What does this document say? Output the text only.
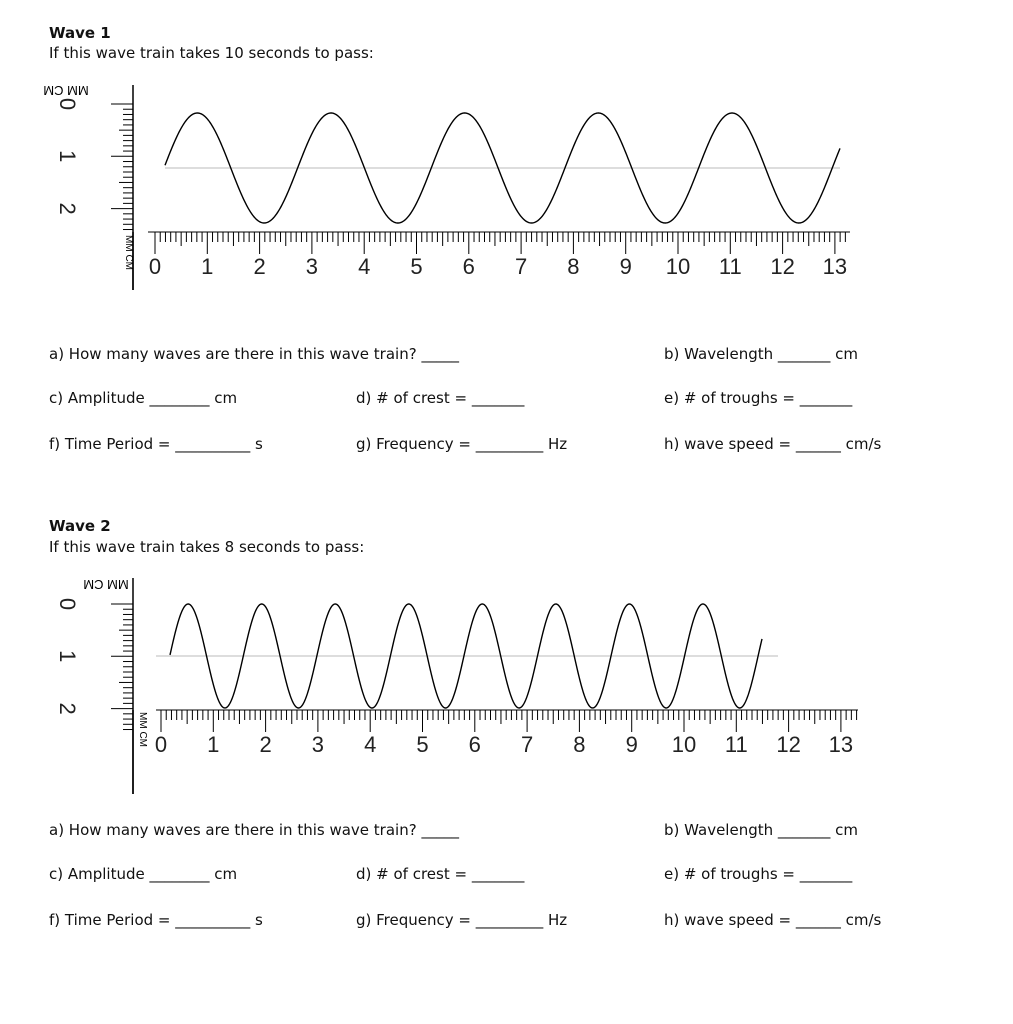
Wave 1
If this wave train takes 10 seconds to pass:
MM CM
0
1
2
MM CM 0 1 2 3 4 5 6 7 8 9 10 11 12 13
a) How many waves are there in this wave train? _____	b) Wavelength _______ cm
c) Amplitude ________ cm	d) # of crest = _______	e) # of troughs = _______
f) Time Period = __________ s	g) Frequency = _________ Hz	h) wave speed = ______ cm/s
Wave 2
If this wave train takes 8 seconds to pass:
MM CM
0
1
2
MM CM 0 1 2 3 4 5 6 7 8 9 10 11 12 13
a) How many waves are there in this wave train? _____	b) Wavelength _______ cm
c) Amplitude ________ cm	d) # of crest = _______	e) # of troughs = _______
f) Time Period = __________ s	g) Frequency = _________ Hz	h) wave speed = ______ cm/s
